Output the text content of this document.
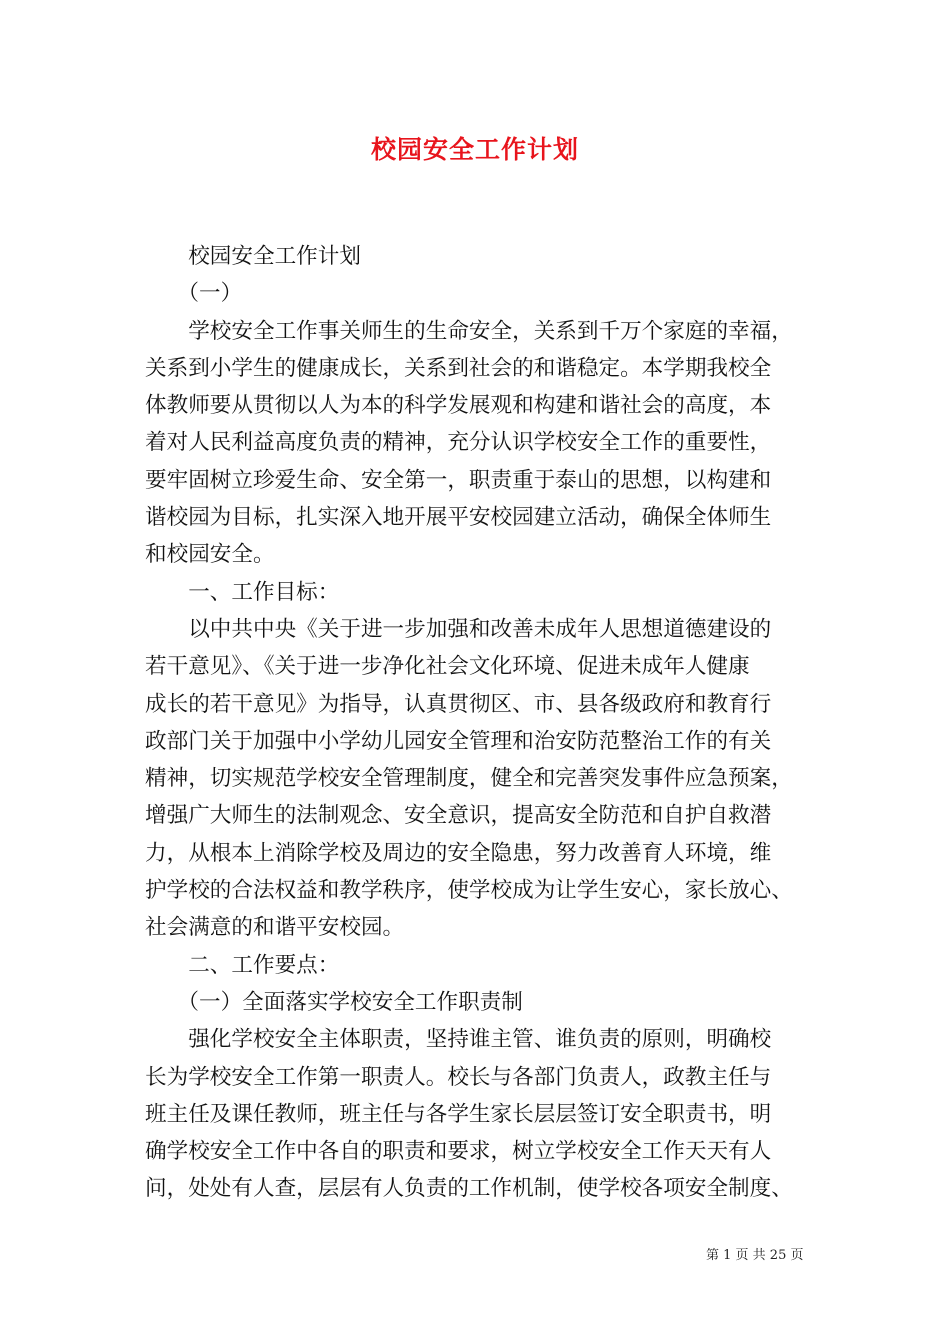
校园安全工作计划
　　校园安全工作计划
　　（一）
　　学校安全工作事关师生的生命安全，关系到千万个家庭的幸福，
关系到小学生的健康成长，关系到社会的和谐稳定。本学期我校全
体教师要从贯彻以人为本的科学发展观和构建和谐社会的高度，本
着对人民利益高度负责的精神，充分认识学校安全工作的重要性，
要牢固树立珍爱生命、安全第一，职责重于泰山的思想，以构建和
谐校园为目标，扎实深入地开展平安校园建立活动，确保全体师生
和校园安全。
　　一、工作目标：
　　以中共中央《关于进一步加强和改善未成年人思想道德建设的
若干意见》、《关于进一步净化社会文化环境、促进未成年人健康
成长的若干意见》为指导，认真贯彻区、市、县各级政府和教育行
政部门关于加强中小学幼儿园安全管理和治安防范整治工作的有关
精神，切实规范学校安全管理制度，健全和完善突发事件应急预案，
增强广大师生的法制观念、安全意识，提高安全防范和自护自救潜
力，从根本上消除学校及周边的安全隐患，努力改善育人环境，维
护学校的合法权益和教学秩序，使学校成为让学生安心，家长放心、
社会满意的和谐平安校园。
　　二、工作要点：
　　（一）全面落实学校安全工作职责制
　　强化学校安全主体职责，坚持谁主管、谁负责的原则，明确校
长为学校安全工作第一职责人。校长与各部门负责人，政教主任与
班主任及课任教师，班主任与各学生家长层层签订安全职责书，明
确学校安全工作中各自的职责和要求，树立学校安全工作天天有人
问，处处有人查，层层有人负责的工作机制，使学校各项安全制度、
第 1 页 共 25 页
